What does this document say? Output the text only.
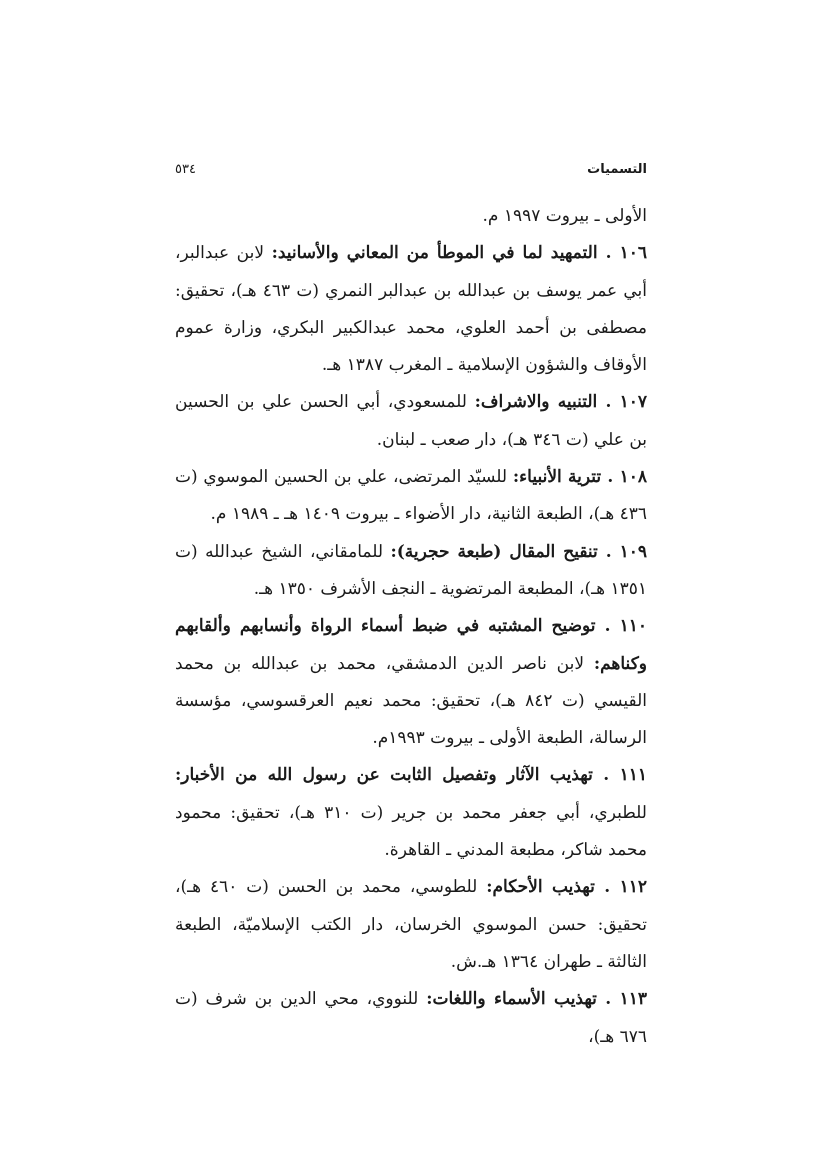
التسميات
٥٣٤

الأولى ـ بيروت ١٩٩٧ م.

١٠٦ . التمهيد لما في الموطأ من المعاني والأسانيد: لابن عبدالبر، أبي عمر يوسف بن عبدالله بن عبدالبر النمري (ت ٤٦٣ هـ)، تحقيق: مصطفى بن أحمد العلوي، محمد عبدالكبير البكري، وزارة عموم الأوقاف والشؤون الإسلامية ـ المغرب ١٣٨٧ هـ.

١٠٧ . التنبيه والاشراف: للمسعودي، أبي الحسن علي بن الحسين بن علي (ت ٣٤٦ هـ)، دار صعب ـ لبنان.

١٠٨ . تترية الأنبياء: للسيّد المرتضى، علي بن الحسين الموسوي (ت ٤٣٦ هـ)، الطبعة الثانية، دار الأضواء ـ بيروت ١٤٠٩ هـ ـ ١٩٨٩ م.

١٠٩ . تنقيح المقال (طبعة حجرية): للمامقاني، الشيخ عبدالله (ت ١٣٥١ هـ)، المطبعة المرتضوية ـ النجف الأشرف ١٣٥٠ هـ.

١١٠ . توضيح المشتبه في ضبط أسماء الرواة وأنسابهم وألقابهم وكناهم: لابن ناصر الدين الدمشقي، محمد بن عبدالله بن محمد القيسي (ت ٨٤٢ هـ)، تحقيق: محمد نعيم العرقسوسي، مؤسسة الرسالة، الطبعة الأولى ـ بيروت ١٩٩٣م.

١١١ . تهذيب الآثار وتفصيل الثابت عن رسول الله من الأخبار: للطبري، أبي جعفر محمد بن جرير (ت ٣١٠ هـ)، تحقيق: محمود محمد شاكر، مطبعة المدني ـ القاهرة.

١١٢ . تهذيب الأحكام: للطوسي، محمد بن الحسن (ت ٤٦٠ هـ)، تحقيق: حسن الموسوي الخرسان، دار الكتب الإسلاميّة، الطبعة الثالثة ـ طهران ١٣٦٤ هـ.ش.

١١٣ . تهذيب الأسماء واللغات: للنووي، محي الدين بن شرف (ت ٦٧٦ هـ)،
